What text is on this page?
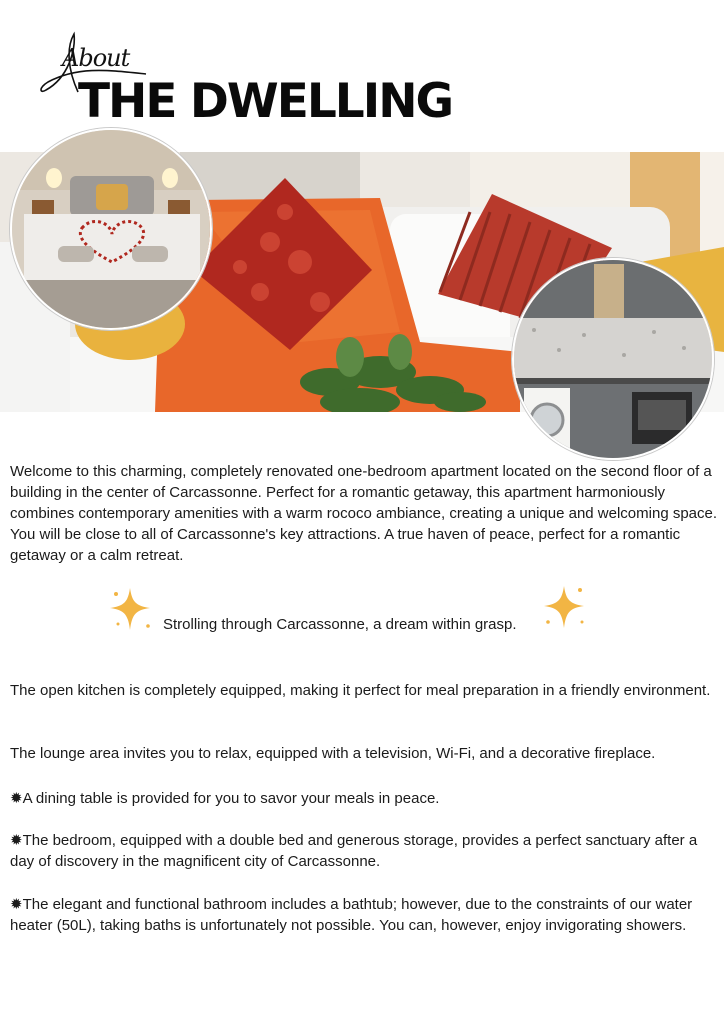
About
THE DWELLING

Welcome to this charming, completely renovated one-bedroom apartment located on the second floor of a building in the center of Carcassonne. Perfect for a romantic getaway, this apartment harmoniously combines contemporary amenities with a warm rococo ambiance, creating a unique and welcoming space.
You will be close to all of Carcassonne's key attractions. A true haven of peace, perfect for a romantic getaway or a calm retreat.

Strolling through Carcassonne, a dream within grasp.

The open kitchen is completely equipped, making it perfect for meal preparation in a friendly environment.

The lounge area invites you to relax, equipped with a television, Wi-Fi, and a decorative fireplace.

✹A dining table is provided for you to savor your meals in peace.

✹The bedroom, equipped with a double bed and generous storage, provides a perfect sanctuary after a day of discovery in the magnificent city of Carcassonne.

✹The elegant and functional bathroom includes a bathtub; however, due to the constraints of our water heater (50L), taking baths is unfortunately not possible. You can, however, enjoy invigorating showers.
